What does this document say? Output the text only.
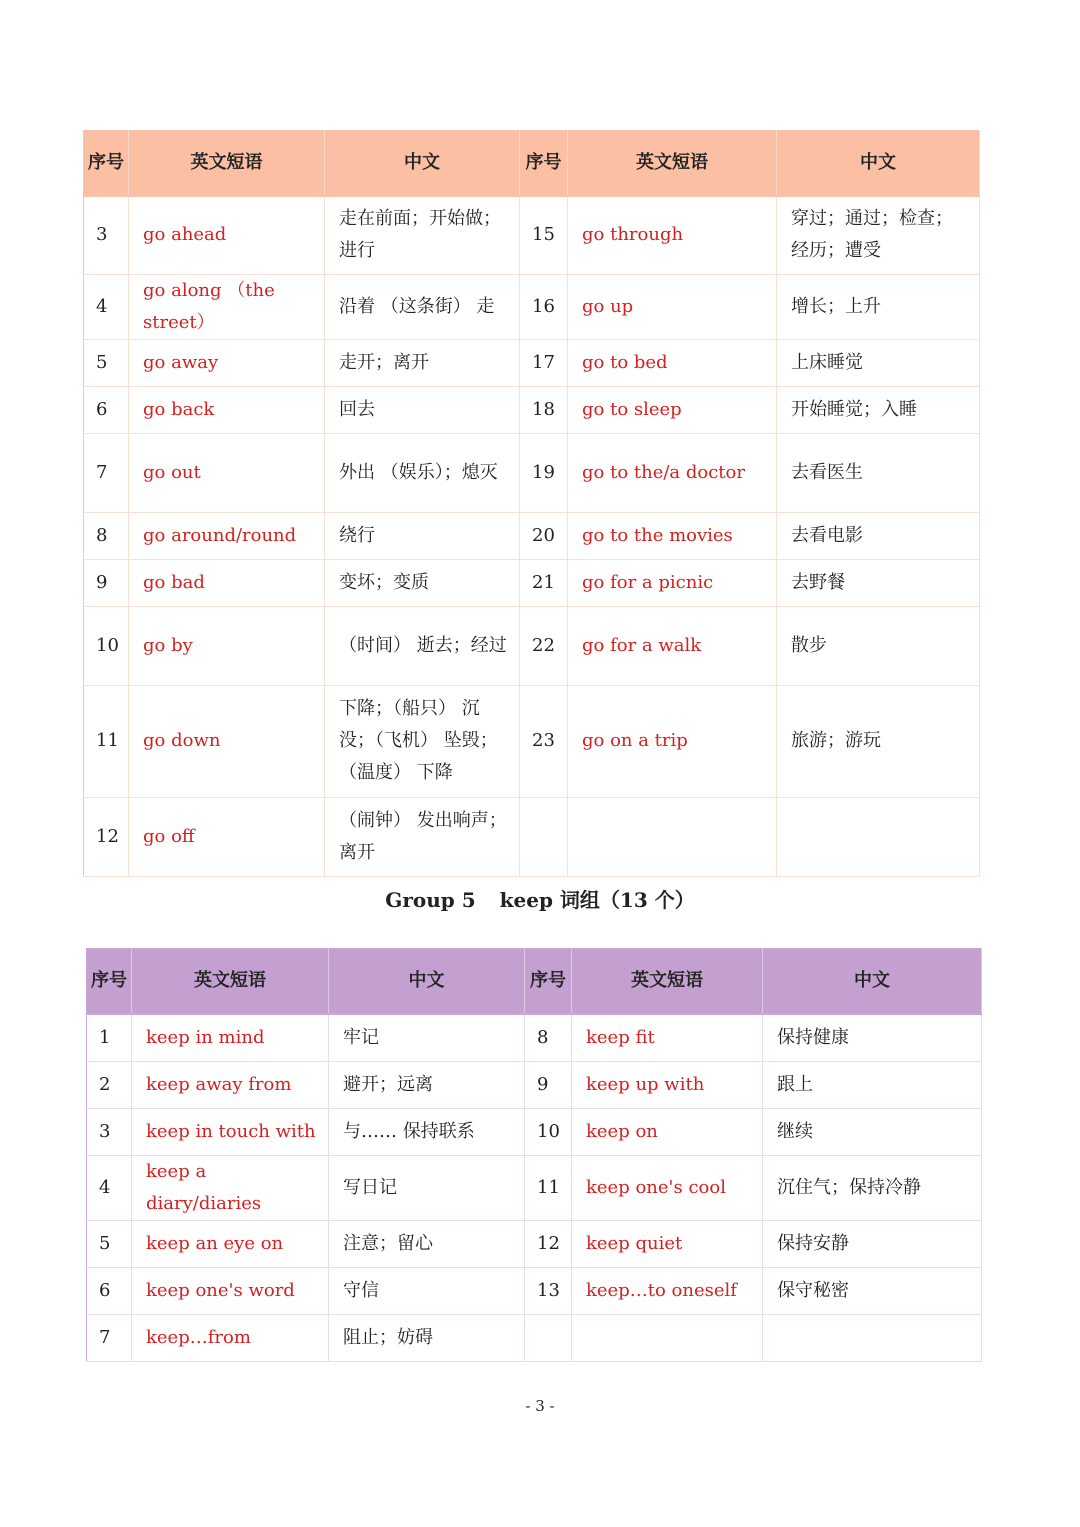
序号	英文短语	中文	序号	英文短语	中文
3	go ahead	走在前面；开始做；进行	15	go through	穿过；通过；检查；经历；遭受
4	go along （the street）	沿着 （这条街） 走	16	go up	增长；上升
5	go away	走开；离开	17	go to bed	上床睡觉
6	go back	回去	18	go to sleep	开始睡觉；入睡
7	go out	外出 （娱乐）；熄灭	19	go to the/a doctor	去看医生
8	go around/round	绕行	20	go to the movies	去看电影
9	go bad	变坏；变质	21	go for a picnic	去野餐
10	go by	（时间） 逝去；经过	22	go for a walk	散步
11	go down	下降；（船只） 沉没；（飞机） 坠毁；（温度） 下降	23	go on a trip	旅游；游玩
12	go off	（闹钟） 发出响声；离开			
Group 5 keep 词组（13 个）
序号	英文短语	中文	序号	英文短语	中文
1	keep in mind	牢记	8	keep fit	保持健康
2	keep away from	避开；远离	9	keep up with	跟上
3	keep in touch with	与…… 保持联系	10	keep on	继续
4	keep a diary/diaries	写日记	11	keep one's cool	沉住气；保持冷静
5	keep an eye on	注意；留心	12	keep quiet	保持安静
6	keep one's word	守信	13	keep…to oneself	保守秘密
7	keep…from	阻止；妨碍			
- 3 -
